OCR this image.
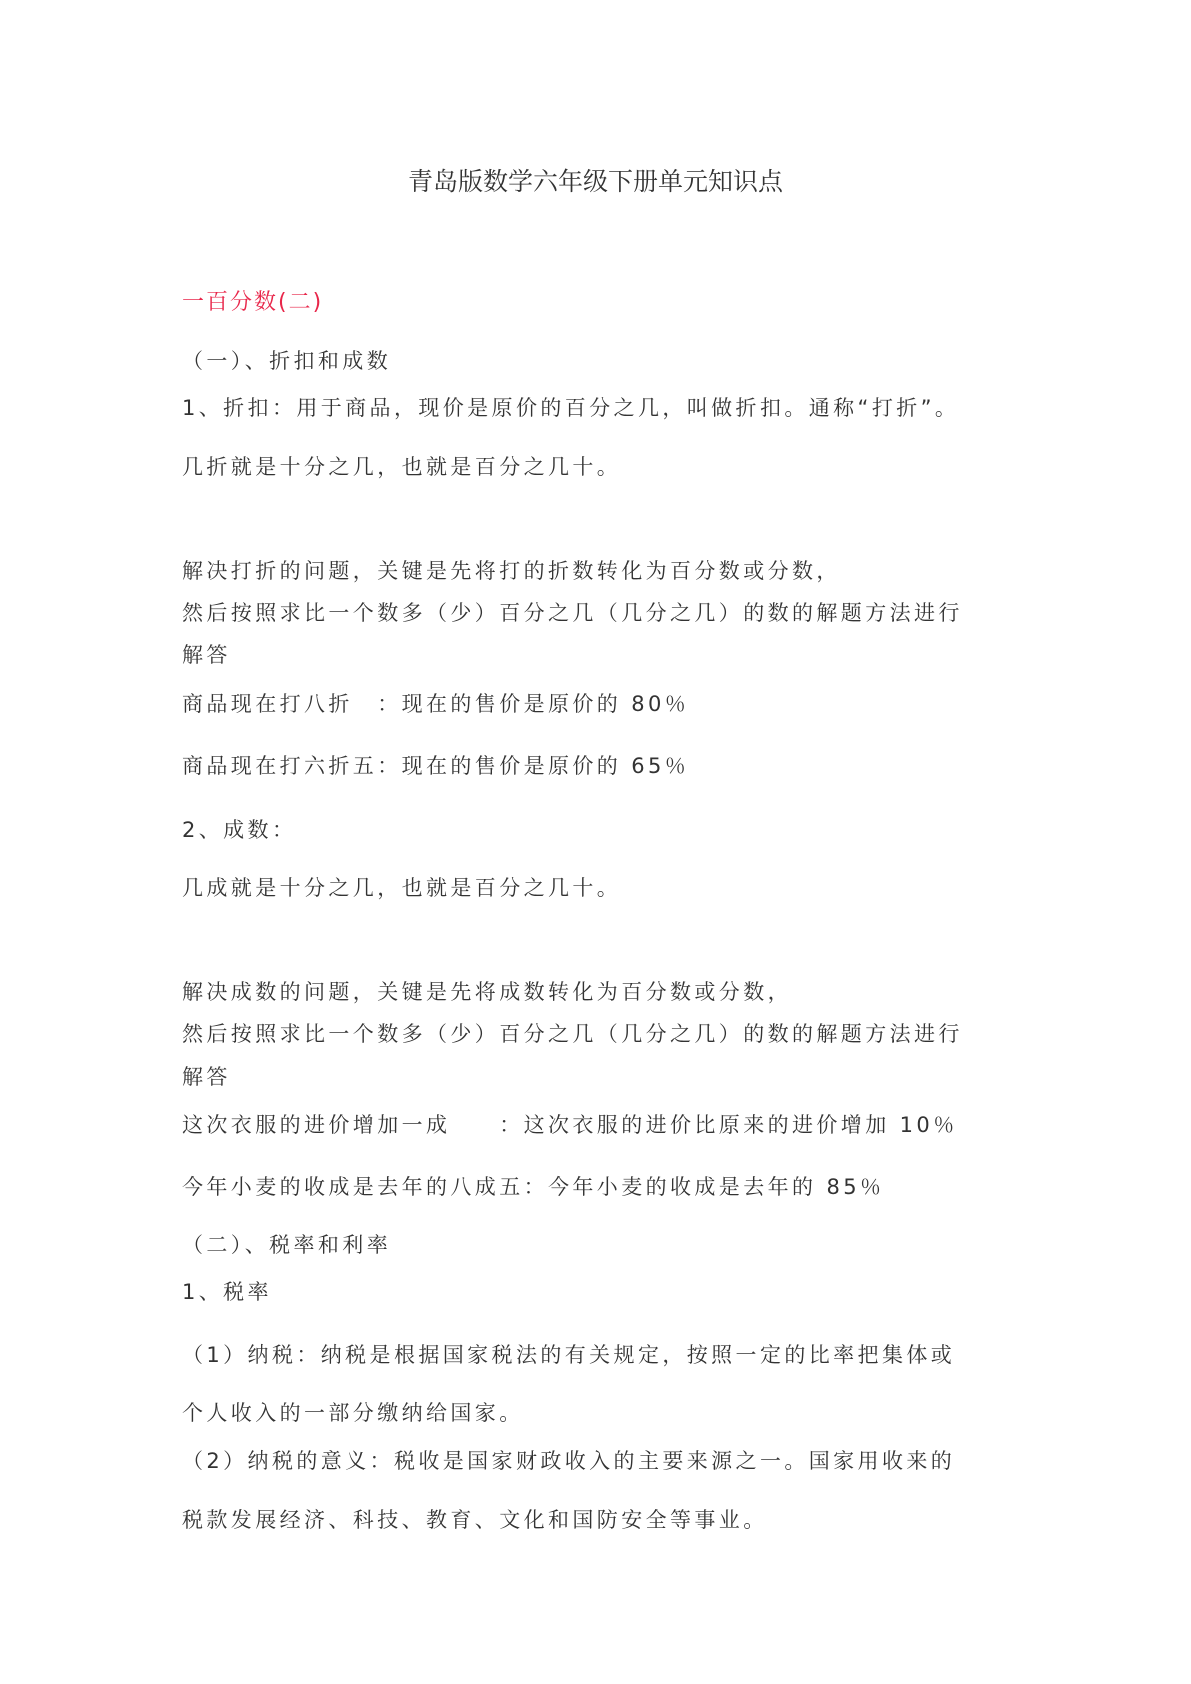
青岛版数学六年级下册单元知识点
一百分数(二)
（一）、折扣和成数
1、折扣：用于商品，现价是原价的百分之几，叫做折扣。通称“打折”。
几折就是十分之几，也就是百分之几十。
解决打折的问题，关键是先将打的折数转化为百分数或分数，
然后按照求比一个数多（少）百分之几（几分之几）的数的解题方法进行
解答
商品现在打八折　：现在的售价是原价的 80％
商品现在打六折五：现在的售价是原价的 65％
2、成数：
几成就是十分之几，也就是百分之几十。
解决成数的问题，关键是先将成数转化为百分数或分数，
然后按照求比一个数多（少）百分之几（几分之几）的数的解题方法进行
解答
这次衣服的进价增加一成　　：这次衣服的进价比原来的进价增加 10％
今年小麦的收成是去年的八成五：今年小麦的收成是去年的 85％
（二）、税率和利率
1、税率
（1）纳税：纳税是根据国家税法的有关规定，按照一定的比率把集体或
个人收入的一部分缴纳给国家。
（2）纳税的意义：税收是国家财政收入的主要来源之一。国家用收来的
税款发展经济、科技、教育、文化和国防安全等事业。
